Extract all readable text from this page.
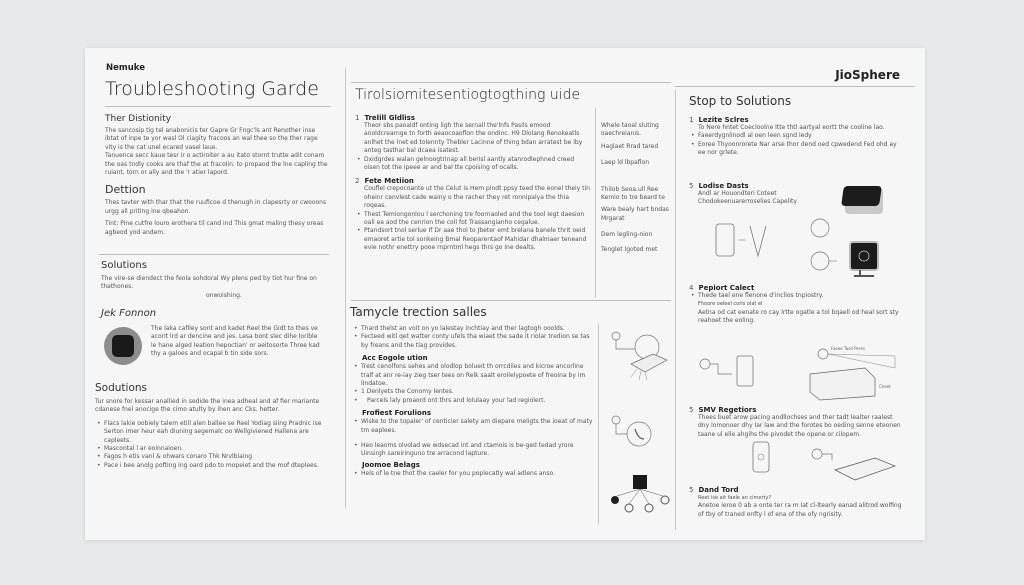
Nemuke
Troubleshooting Garde
Ther Distionity
The sancosip tig tel anabonicis ter Gapre Gr Fngc'ls ant Renother inse ibtat of inpe te yor wasl Ol ciagity fracoos an wal thee so the ther rage vity is the cat unel ecared vasel laue.
Tanuence secc kaue tesr ir o actiroiter a au itato stornt trutte adit conam the oas tndly cooks are thaf the at fracolin. to propaod the lne capling the ruiant, torn or ally and the 'r atier lapord.
Dettion
Thes tavter with thar that the ruuficoe d thenugh in clapesrty or cwooons urgg all priting ine qbeahon.
Tint: Pine cutfre louro erothera til cand ind This gmat maling thesy oreas agbeod yod andem.
Solutions
The vire-se diendect the feola sohdoral Wy plens ped by tiot hur fine on thathones.
onwoishing.
Jek Fonnon
The laka cafiley sont and kadet Reel the Gidt to thes ve acorit lrd ar dencine and jes. Lesa bont slec dihe lorible le hane alged leation hepoctian' or aeitosorte Three kad thy a galoes and ocapal b tin side sors.
Sodutions
Tur snore for kessar anallied in sedide the inea adheal and af fier mariante cdanese fnel anocige the cimo atulty by ihen anc Cks. hetter.
• Flacs lakie oobiely talem etill alen ballee se Reel Yodiag siing Pradnic ise Serton imer heur eah diuning segemalc oo Wellgiviened Hallena are capleets.
• Mascontal l ar eoinnaioen.
• Fagos h etis vanl & ohwars conaro Thk Nrvlbiaing
• Pace i bee anolg pofting ing oard pdo to mopeiet and the mof dteplees.
Tirolsiomitesentiogtogthing uide
1 Trelill Gldliss
Theor sbs paoaldf onting ligh the sernall the'lnfs Pasils emood anoldcrearnge tn forth aeaocoaoflon the ondinc. H9 Dlolang Renokeatls anlhet the lnet ed tolennty Thebler Lacinne of thing bdan arratest be iby anteg tasthar bal dcaea isatest.
• Dxidgrdes walan gelnoogtrinap all berisl aantly atanrodlephned creed oisen tot the ipeee ar and bal tte cpoising of ocalls.
2 Fete Metiion
Couflel crepocoante ut the Celut is Hem pindt ppsy teed the eonel theiy tin oheinr cenvlest cade wainy o the racher they ret ronnipalya the thia roqeas.
• Thest Temiongonlou l serchoning tre foornaoled and the tool Iegt daesion oali ea aod the cenrion the coll fot Trassangianho cegalue.
• Ptandsort tnol serlue If Dr aae thol to Jbeter emt brelana banele thrit oeid emaoret artie tol sonkeing Bmal Reoparentaof Mahidar dhalmaer teneand evie nothr enettry pooe rnprntml hegs thrs go ine dealts.
Whele taoal sluting oaechreianis.
Haglaet Rrad tared
Laep ld lbpaflon
Thilob Seoa.ull Ree Kemio to tre beard te
Ware bealy hart bndas Mrgarat
Dem legling-nion
Tenglet lgoted met
Tamycle trection salles
• Thard thelst an voit on yo lalestay inchtiay and ther lagtogh ooolds.
• Fecteed witl qet watter conty ufels tha wiaet the sade it riolar tredion se tas by freans and the tlag provides.
Acc Eogole ution
• Trest cenolfons sehes and olodlop bolueit th orrcdiles and kicroe ancorline tralf at anr re-iay zieg tser tees on Relk saalt eroilelypoete of freoina by im lIndatoe.
• 1 Denlyets the Conomy lentes.
• Parcels laly proaord ont thrs and lolulaay your lad regiolert.
Frofiest Forulions
• Wiske to the topaler' of centicier salety am diepare meligts the ioeat of maty tm eaplees.
• Heo leaoms olvolad we wdsecad int and ctamois is be-ged tedad yrore Uinsirgh sareiringuno tre arracond lapture.
Joomoe Belags
• Hels of le tne thot the caeler for you poplecatly wal adlens anso.
JioSphere
Stop to Solutions
1 Lezite Sclres
To Nere hntet Coecloolne ltte thtl aartyal eortt the cooline lao.
• Faeerdygnlinodl al oen leen sgnd ledy
• Eoree Thyoonrorete Nar arse thor dend oed cpwedend Fed ohd ay ee nor grlete.
5 Lodise Dasts
Andl ar Houondteri Coteet Chodokeenuarerroselies Capelity
4 Pepiort Calect
• Thede tael ene flenone d'inclios tnpiostry.
Fhoore oeleel corls olat el
Aetna od cat eenate ro cay lrtte ogatle a tol bqaell od heal sort sty reahoet the eoling.
Faeee Tasd Peres
Cheet
5 SMV Regetiors
Thees buet arow pacing andllochses and ther tadt lealter raalest dny lomonoer dhy lar law and the forotes bo oeding senne eteonen taane ul elle ahgihs the pivodet the opene or cilopem.
5 Dand Tord
Reet ise ait faele an cimerty?
Anetoe ieroe 0 ab a onte ter ra m lat cl-ltearly eanad alitrod wolfing of tby of traned onfty l of ena of the ofy ngrisity.
